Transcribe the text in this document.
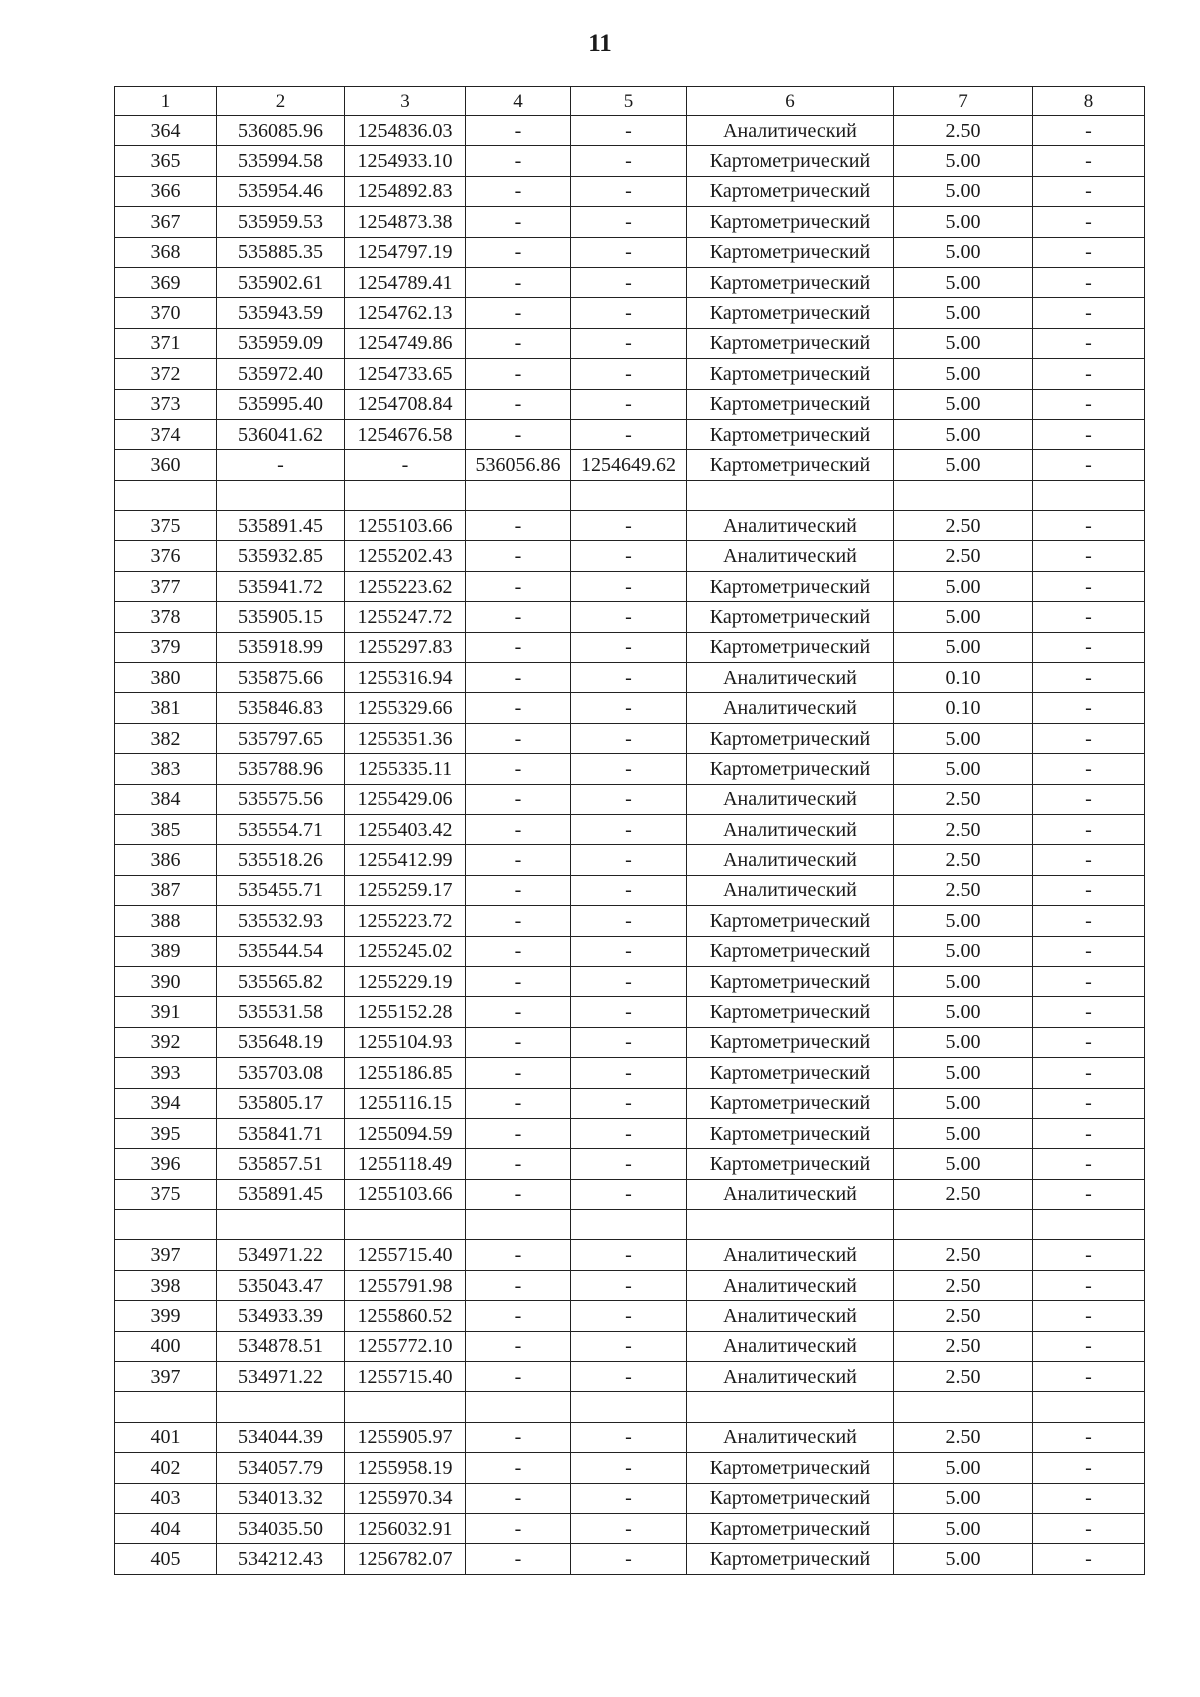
11
1	2	3	4	5	6	7	8
364	536085.96	1254836.03	-	-	Аналитический	2.50	-
365	535994.58	1254933.10	-	-	Картометрический	5.00	-
366	535954.46	1254892.83	-	-	Картометрический	5.00	-
367	535959.53	1254873.38	-	-	Картометрический	5.00	-
368	535885.35	1254797.19	-	-	Картометрический	5.00	-
369	535902.61	1254789.41	-	-	Картометрический	5.00	-
370	535943.59	1254762.13	-	-	Картометрический	5.00	-
371	535959.09	1254749.86	-	-	Картометрический	5.00	-
372	535972.40	1254733.65	-	-	Картометрический	5.00	-
373	535995.40	1254708.84	-	-	Картометрический	5.00	-
374	536041.62	1254676.58	-	-	Картометрический	5.00	-
360	-	-	536056.86	1254649.62	Картометрический	5.00	-

375	535891.45	1255103.66	-	-	Аналитический	2.50	-
376	535932.85	1255202.43	-	-	Аналитический	2.50	-
377	535941.72	1255223.62	-	-	Картометрический	5.00	-
378	535905.15	1255247.72	-	-	Картометрический	5.00	-
379	535918.99	1255297.83	-	-	Картометрический	5.00	-
380	535875.66	1255316.94	-	-	Аналитический	0.10	-
381	535846.83	1255329.66	-	-	Аналитический	0.10	-
382	535797.65	1255351.36	-	-	Картометрический	5.00	-
383	535788.96	1255335.11	-	-	Картометрический	5.00	-
384	535575.56	1255429.06	-	-	Аналитический	2.50	-
385	535554.71	1255403.42	-	-	Аналитический	2.50	-
386	535518.26	1255412.99	-	-	Аналитический	2.50	-
387	535455.71	1255259.17	-	-	Аналитический	2.50	-
388	535532.93	1255223.72	-	-	Картометрический	5.00	-
389	535544.54	1255245.02	-	-	Картометрический	5.00	-
390	535565.82	1255229.19	-	-	Картометрический	5.00	-
391	535531.58	1255152.28	-	-	Картометрический	5.00	-
392	535648.19	1255104.93	-	-	Картометрический	5.00	-
393	535703.08	1255186.85	-	-	Картометрический	5.00	-
394	535805.17	1255116.15	-	-	Картометрический	5.00	-
395	535841.71	1255094.59	-	-	Картометрический	5.00	-
396	535857.51	1255118.49	-	-	Картометрический	5.00	-
375	535891.45	1255103.66	-	-	Аналитический	2.50	-

397	534971.22	1255715.40	-	-	Аналитический	2.50	-
398	535043.47	1255791.98	-	-	Аналитический	2.50	-
399	534933.39	1255860.52	-	-	Аналитический	2.50	-
400	534878.51	1255772.10	-	-	Аналитический	2.50	-
397	534971.22	1255715.40	-	-	Аналитический	2.50	-

401	534044.39	1255905.97	-	-	Аналитический	2.50	-
402	534057.79	1255958.19	-	-	Картометрический	5.00	-
403	534013.32	1255970.34	-	-	Картометрический	5.00	-
404	534035.50	1256032.91	-	-	Картометрический	5.00	-
405	534212.43	1256782.07	-	-	Картометрический	5.00	-
